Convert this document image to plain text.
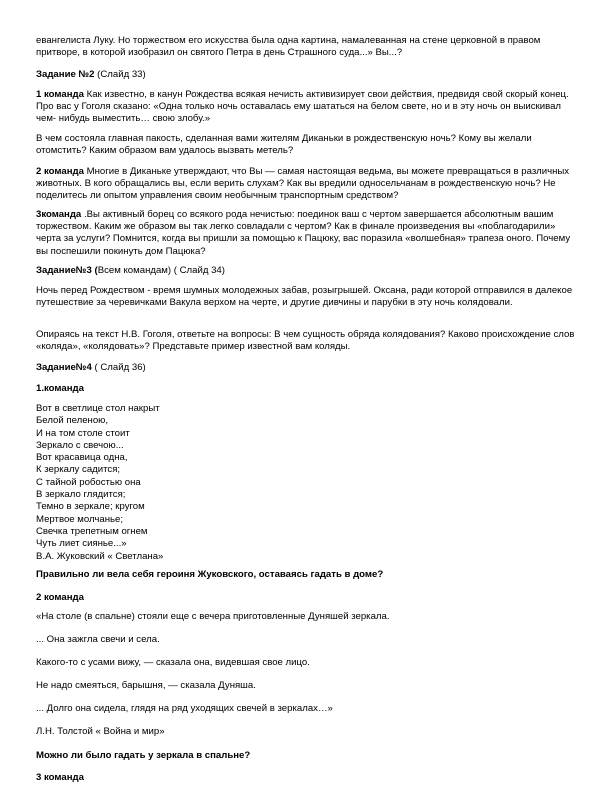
евангелиста Луку. Но торжеством его искусства была одна картина, намалеванная на стене церковной в правом притворе, в которой изобразил он святого Петра в день Страшного суда...» Вы...?

Задание №2 (Слайд 33)

1 команда Как известно, в канун Рождества всякая нечисть активизирует свои действия, предвидя свой скорый конец. Про вас у Гоголя сказано: «Одна только ночь оставалась ему шататься на белом свете, но и в эту ночь он выискивал чем- нибудь выместить… свою злобу.»

В чем состояла главная пакость, сделанная вами жителям Диканьки в рождественскую ночь? Кому вы желали отомстить? Каким образом вам удалось вызвать метель?

2 команда Многие в Диканьке утверждают, что Вы — самая настоящая ведьма, вы можете превращаться в различных животных. В кого обращались вы, если верить слухам? Как вы вредили односельчанам в рождественскую ночь? Не поделитесь ли опытом управления своим необычным транспортным средством?

3команда .Вы активный борец со всякого рода нечистью: поединок ваш с чертом завершается абсолютным вашим торжеством. Каким же образом вы так легко совладали с чертом? Как в финале произведения вы «поблагодарили» черта за услуги? Помнится, когда вы пришли за помощью к Пацюку, вас поразила «волшебная» трапеза оного. Почему вы поспешили покинуть дом Пацюка?

Задание№3 (Всем командам) ( Слайд 34)

Ночь перед Рождеством - время шумных молодежных забав, розыгрышей. Оксана, ради которой отправился в далекое путешествие за черевичками Вакула верхом на черте, и другие дивчины и парубки в эту ночь колядовали.

Опираясь на текст Н.В. Гоголя, ответьте на вопросы: В чем сущность обряда колядования? Каково происхождение слов «коляда», «колядовать»? Представьте пример известной вам коляды.

Задание№4 ( Слайд 36)

1.команда

Вот в светлице стол накрыт
Белой пеленою,
И на том столе стоит
Зеркало с свечою...
Вот красавица одна,
К зеркалу садится;
С тайной робостью она
В зеркало глядится;
Темно в зеркале; кругом
Мертвое молчанье;
Свечка трепетным огнем
Чуть лиет сиянье...»
В.А. Жуковский « Светлана»

Правильно ли вела себя героиня Жуковского, оставаясь гадать в доме?

2 команда

«На столе (в спальне) стояли еще с вечера приготовленные Дуняшей зеркала.

... Она зажгла свечи и села.

Какого-то с усами вижу, — сказала она, видевшая свое лицо.

Не надо смеяться, барышня, — сказала Дуняша.

... Долго она сидела, глядя на ряд уходящих свечей в зеркалах…»

Л.Н. Толстой « Война и мир»

Можно ли было гадать у зеркала в спальне?

3 команда
